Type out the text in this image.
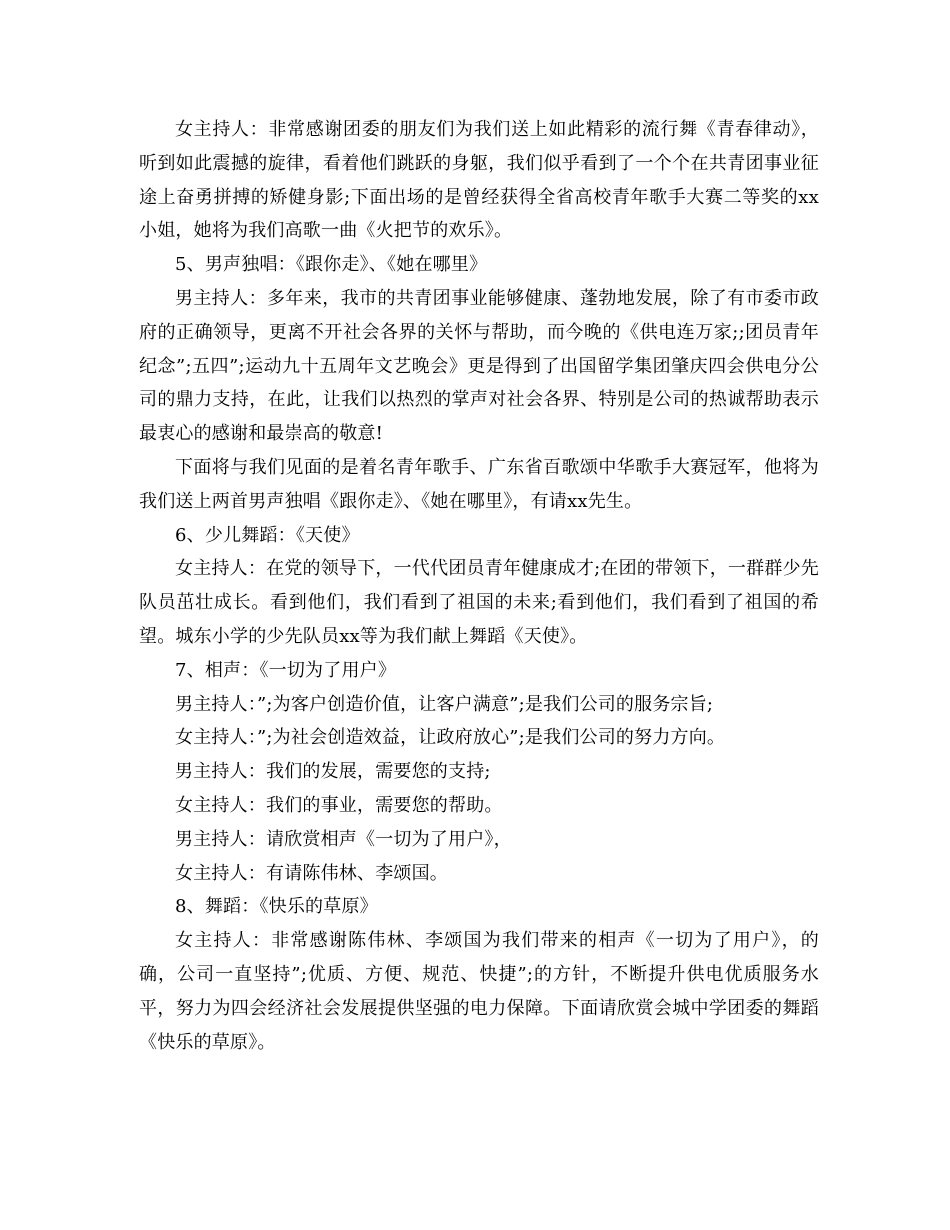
女主持人：非常感谢团委的朋友们为我们送上如此精彩的流行舞《青春律动》，听到如此震撼的旋律，看着他们跳跃的身躯，我们似乎看到了一个个在共青团事业征途上奋勇拼搏的矫健身影;下面出场的是曾经获得全省高校青年歌手大赛二等奖的xx小姐，她将为我们高歌一曲《火把节的欢乐》。

5、男声独唱：《跟你走》、《她在哪里》

男主持人：多年来，我市的共青团事业能够健康、蓬勃地发展，除了有市委市政府的正确领导，更离不开社会各界的关怀与帮助，而今晚的《供电连万家;;团员青年纪念”;五四”;运动九十五周年文艺晚会》更是得到了出国留学集团肇庆四会供电分公司的鼎力支持，在此，让我们以热烈的掌声对社会各界、特别是公司的热诚帮助表示最衷心的感谢和最崇高的敬意!

下面将与我们见面的是着名青年歌手、广东省百歌颂中华歌手大赛冠军，他将为我们送上两首男声独唱《跟你走》、《她在哪里》，有请xx先生。

6、少儿舞蹈：《天使》

女主持人：在党的领导下，一代代团员青年健康成才;在团的带领下，一群群少先队员茁壮成长。看到他们，我们看到了祖国的未来;看到他们，我们看到了祖国的希望。城东小学的少先队员xx等为我们献上舞蹈《天使》。

7、相声：《一切为了用户》

男主持人：”;为客户创造价值，让客户满意”;是我们公司的服务宗旨;

女主持人：”;为社会创造效益，让政府放心”;是我们公司的努力方向。

男主持人：我们的发展，需要您的支持;

女主持人：我们的事业，需要您的帮助。

男主持人：请欣赏相声《一切为了用户》，

女主持人：有请陈伟林、李颂国。

8、舞蹈：《快乐的草原》

女主持人：非常感谢陈伟林、李颂国为我们带来的相声《一切为了用户》，的确，公司一直坚持”;优质、方便、规范、快捷”;的方针，不断提升供电优质服务水平，努力为四会经济社会发展提供坚强的电力保障。下面请欣赏会城中学团委的舞蹈《快乐的草原》。
